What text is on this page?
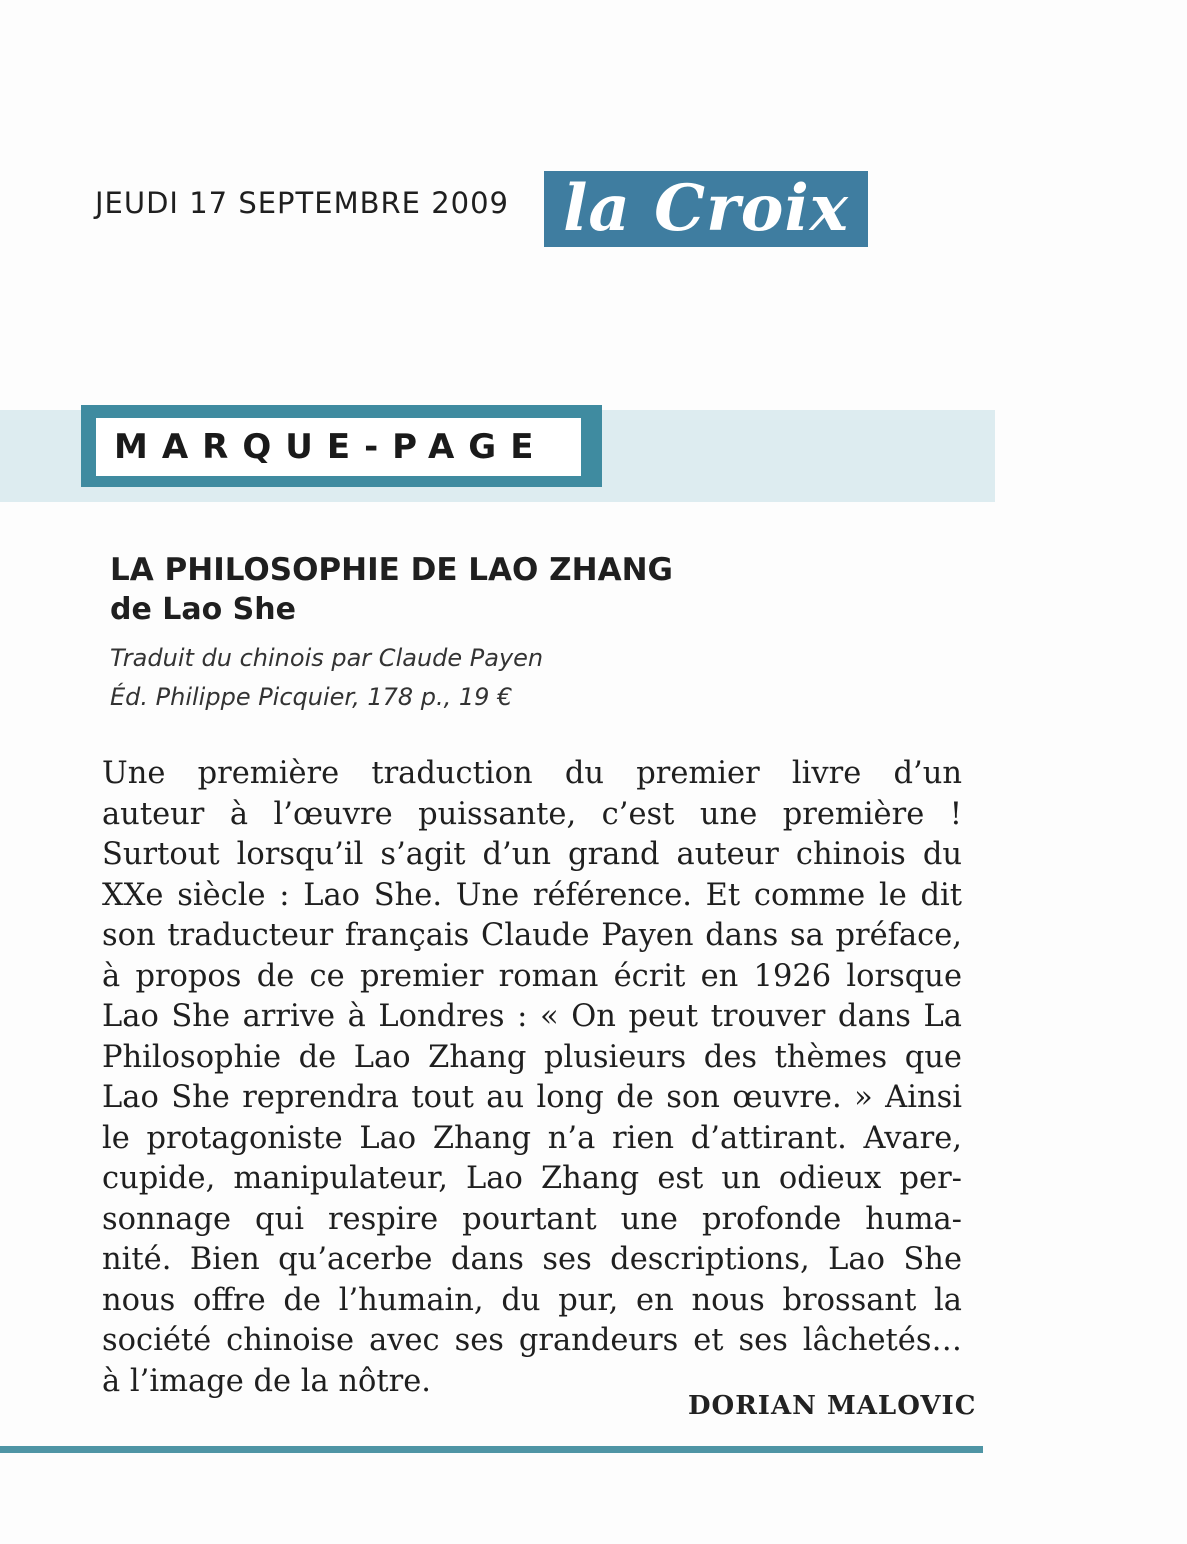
JEUDI 17 SEPTEMBRE 2009 la Croix
MARQUE-PAGE
LA PHILOSOPHIE DE LAO ZHANG
de Lao She
Traduit du chinois par Claude Payen
Éd. Philippe Picquier, 178 p., 19 €
Une première traduction du premier livre d’un
auteur à l’œuvre puissante, c’est une première !
Surtout lorsqu’il s’agit d’un grand auteur chinois du
XXe siècle : Lao She. Une référence. Et comme le dit
son traducteur français Claude Payen dans sa préface,
à propos de ce premier roman écrit en 1926 lorsque
Lao She arrive à Londres : « On peut trouver dans La
Philosophie de Lao Zhang plusieurs des thèmes que
Lao She reprendra tout au long de son œuvre. » Ainsi
le protagoniste Lao Zhang n’a rien d’attirant. Avare,
cupide, manipulateur, Lao Zhang est un odieux per-
sonnage qui respire pourtant une profonde huma-
nité. Bien qu’acerbe dans ses descriptions, Lao She
nous offre de l’humain, du pur, en nous brossant la
société chinoise avec ses grandeurs et ses lâchetés…
à l’image de la nôtre.
DORIAN MALOVIC
